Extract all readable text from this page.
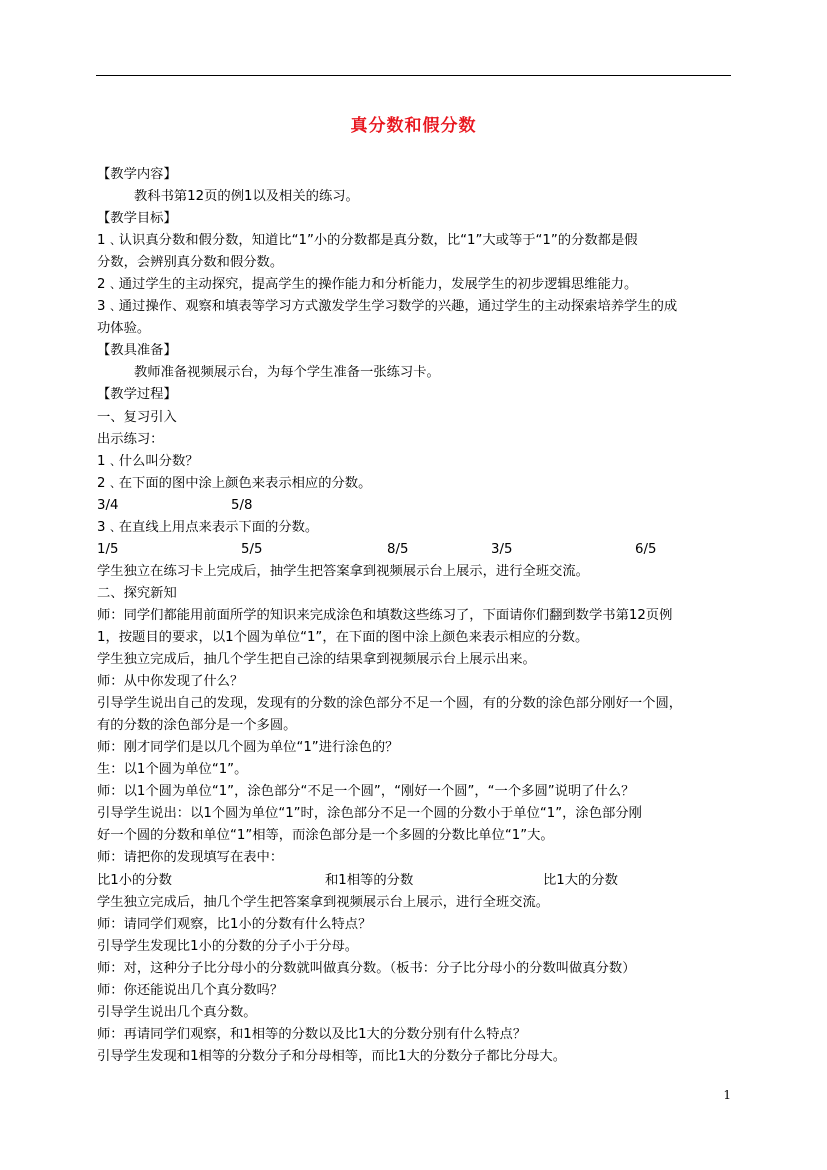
真分数和假分数
【教学内容】
教科书第12页的例1以及相关的练习。
【教学目标】
1﹑认识真分数和假分数，知道比“1”小的分数都是真分数，比“1”大或等于“1”的分数都是假
分数，会辨别真分数和假分数。
2﹑通过学生的主动探究，提高学生的操作能力和分析能力，发展学生的初步逻辑思维能力。
3﹑通过操作、观察和填表等学习方式激发学生学习数学的兴趣，通过学生的主动探索培养学生的成
功体验。
【教具准备】
教师准备视频展示台，为每个学生准备一张练习卡。
【教学过程】
一、复习引入
出示练习：
1﹑什么叫分数？
2﹑在下面的图中涂上颜色来表示相应的分数。
3/4	5/8
3﹑在直线上用点来表示下面的分数。
1/5	5/5	8/5	3/5	6/5
学生独立在练习卡上完成后，抽学生把答案拿到视频展示台上展示，进行全班交流。
二、探究新知
师：同学们都能用前面所学的知识来完成涂色和填数这些练习了，下面请你们翻到数学书第12页例
1，按题目的要求，以1个圆为单位“1”，在下面的图中涂上颜色来表示相应的分数。
学生独立完成后，抽几个学生把自己涂的结果拿到视频展示台上展示出来。
师：从中你发现了什么？
引导学生说出自己的发现，发现有的分数的涂色部分不足一个圆，有的分数的涂色部分刚好一个圆，
有的分数的涂色部分是一个多圆。
师：刚才同学们是以几个圆为单位“1”进行涂色的？
生：以1个圆为单位“1”。
师：以1个圆为单位“1”，涂色部分“不足一个圆”，“刚好一个圆”，“一个多圆”说明了什么？
引导学生说出：以1个圆为单位“1”时，涂色部分不足一个圆的分数小于单位“1”，涂色部分刚
好一个圆的分数和单位“1”相等，而涂色部分是一个多圆的分数比单位“1”大。
师：请把你的发现填写在表中：
比1小的分数	和1相等的分数	比1大的分数
学生独立完成后，抽几个学生把答案拿到视频展示台上展示，进行全班交流。
师：请同学们观察，比1小的分数有什么特点？
引导学生发现比1小的分数的分子小于分母。
师：对，这种分子比分母小的分数就叫做真分数。（板书：分子比分母小的分数叫做真分数）
师：你还能说出几个真分数吗？
引导学生说出几个真分数。
师：再请同学们观察，和1相等的分数以及比1大的分数分别有什么特点？
引导学生发现和1相等的分数分子和分母相等，而比1大的分数分子都比分母大。
1
